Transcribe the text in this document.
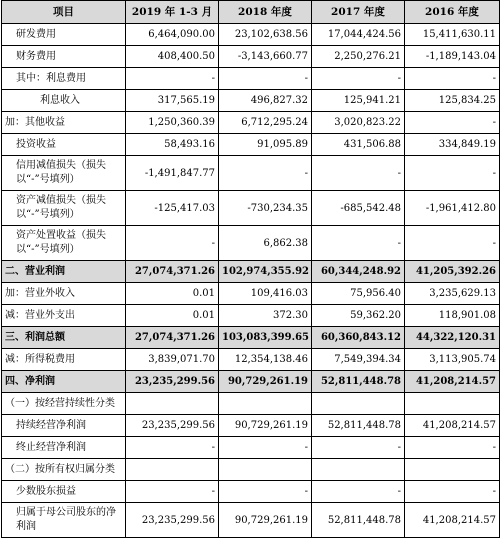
项目	2019 年 1-3 月	2018 年度	2017 年度	2016 年度
研发费用	6,464,090.00	23,102,638.56	17,044,424.56	15,411,630.11
财务费用	408,400.50	-3,143,660.77	2,250,276.21	-1,189,143.04
其中：利息费用	-	-	-	-
利息收入	317,565.19	496,827.32	125,941.21	125,834.25
加：其他收益	1,250,360.39	6,712,295.24	3,020,823.22	-
投资收益	58,493.16	91,095.89	431,506.88	334,849.19
信用减值损失（损失以“-”号填列）	-1,491,847.77	-	-	-
资产减值损失（损失以“-”号填列）	-125,417.03	-730,234.35	-685,542.48	-1,961,412.80
资产处置收益（损失以“-”号填列）	-	6,862.38	-	-
二、营业利润	27,074,371.26	102,974,355.92	60,344,248.92	41,205,392.26
加：营业外收入	0.01	109,416.03	75,956.40	3,235,629.13
减：营业外支出	0.01	372.30	59,362.20	118,901.08
三、利润总额	27,074,371.26	103,083,399.65	60,360,843.12	44,322,120.31
减：所得税费用	3,839,071.70	12,354,138.46	7,549,394.34	3,113,905.74
四、净利润	23,235,299.56	90,729,261.19	52,811,448.78	41,208,214.57
（一）按经营持续性分类				
持续经营净利润	23,235,299.56	90,729,261.19	52,811,448.78	41,208,214.57
终止经营净利润	-	-	-	-
（二）按所有权归属分类				
少数股东损益	-	-	-	-
归属于母公司股东的净利润	23,235,299.56	90,729,261.19	52,811,448.78	41,208,214.57
